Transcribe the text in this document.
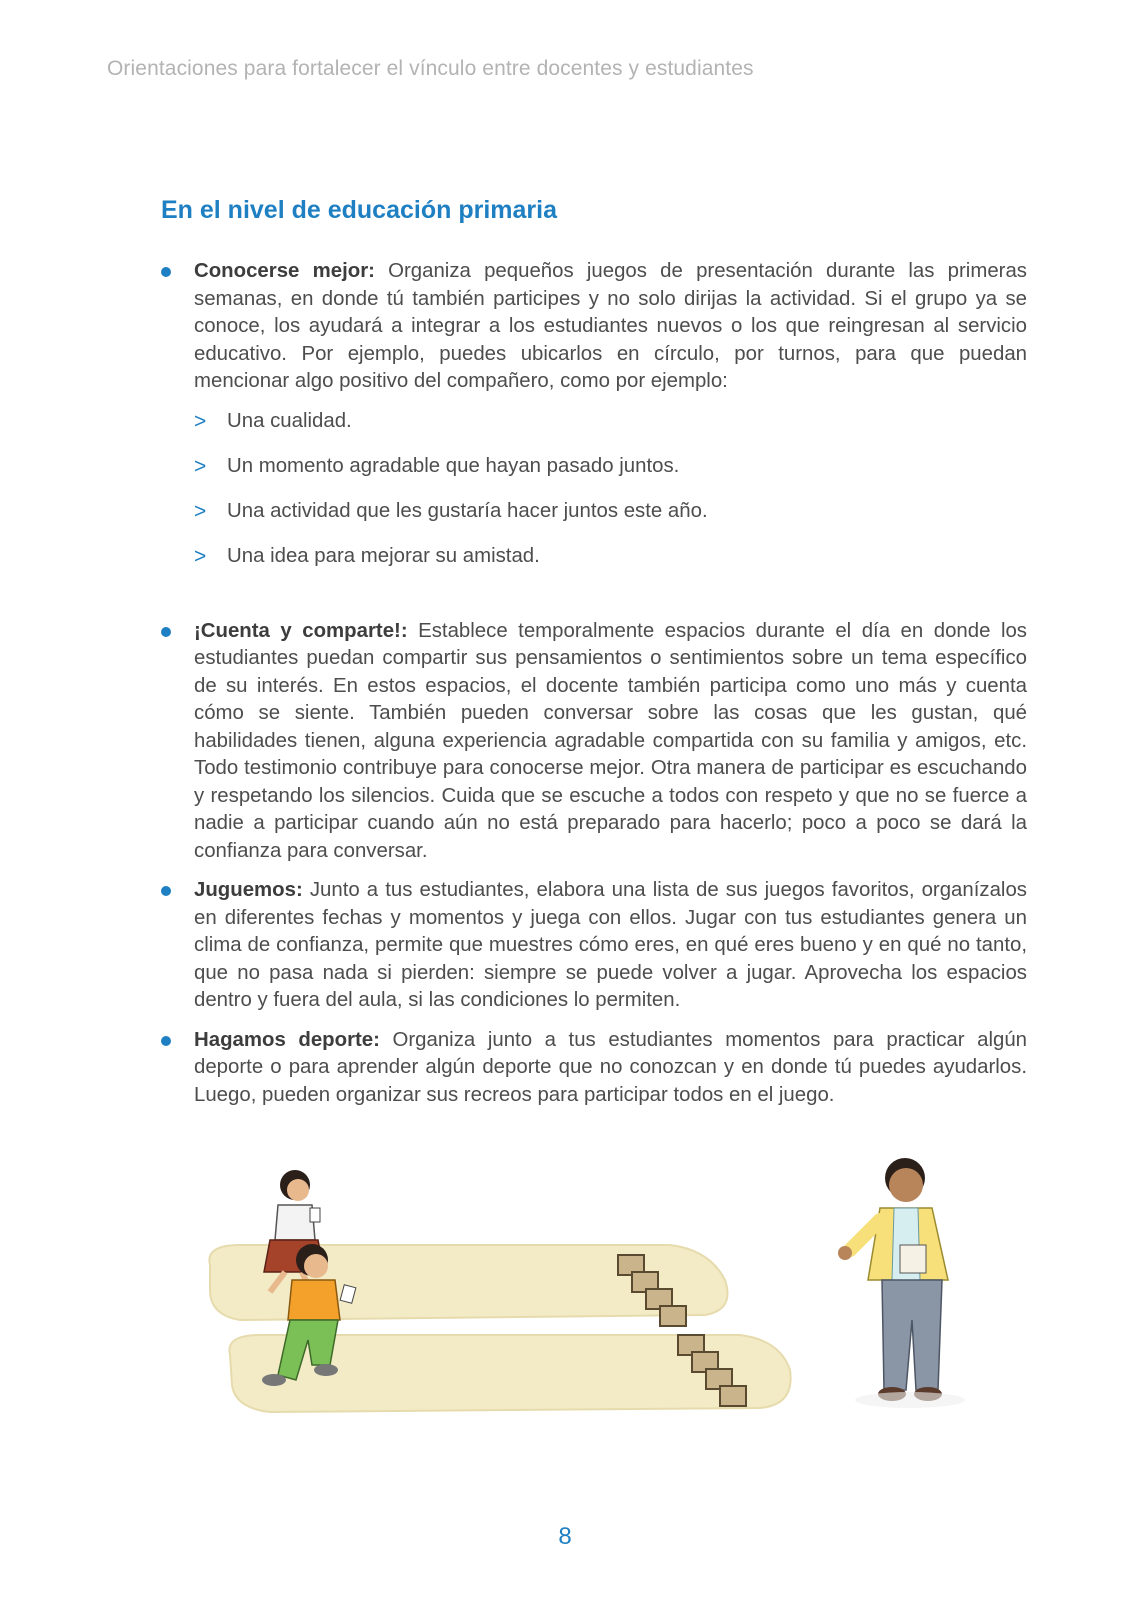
Orientaciones para fortalecer el vínculo entre docentes y estudiantes
En el nivel de educación primaria
Conocerse mejor: Organiza pequeños juegos de presentación durante las primeras semanas, en donde tú también participes y no solo dirijas la actividad. Si el grupo ya se conoce, los ayudará a integrar a los estudiantes nuevos o los que reingresan al servicio educativo. Por ejemplo, puedes ubicarlos en círculo, por turnos, para que puedan mencionar algo positivo del compañero, como por ejemplo:
> Una cualidad.
> Un momento agradable que hayan pasado juntos.
> Una actividad que les gustaría hacer juntos este año.
> Una idea para mejorar su amistad.
¡Cuenta y comparte!: Establece temporalmente espacios durante el día en donde los estudiantes puedan compartir sus pensamientos o sentimientos sobre un tema específico de su interés. En estos espacios, el docente también participa como uno más y cuenta cómo se siente. También pueden conversar sobre las cosas que les gustan, qué habilidades tienen, alguna experiencia agradable compartida con su familia y amigos, etc. Todo testimonio contribuye para conocerse mejor. Otra manera de participar es escuchando y respetando los silencios. Cuida que se escuche a todos con respeto y que no se fuerce a nadie a participar cuando aún no está preparado para hacerlo; poco a poco se dará la confianza para conversar.
Juguemos: Junto a tus estudiantes, elabora una lista de sus juegos favoritos, organízalos en diferentes fechas y momentos y juega con ellos. Jugar con tus estudiantes genera un clima de confianza, permite que muestres cómo eres, en qué eres bueno y en qué no tanto, que no pasa nada si pierden: siempre se puede volver a jugar. Aprovecha los espacios dentro y fuera del aula, si las condiciones lo permiten.
Hagamos deporte: Organiza junto a tus estudiantes momentos para practicar algún deporte o para aprender algún deporte que no conozcan y en donde tú puedes ayudarlos. Luego, pueden organizar sus recreos para participar todos en el juego.
8
